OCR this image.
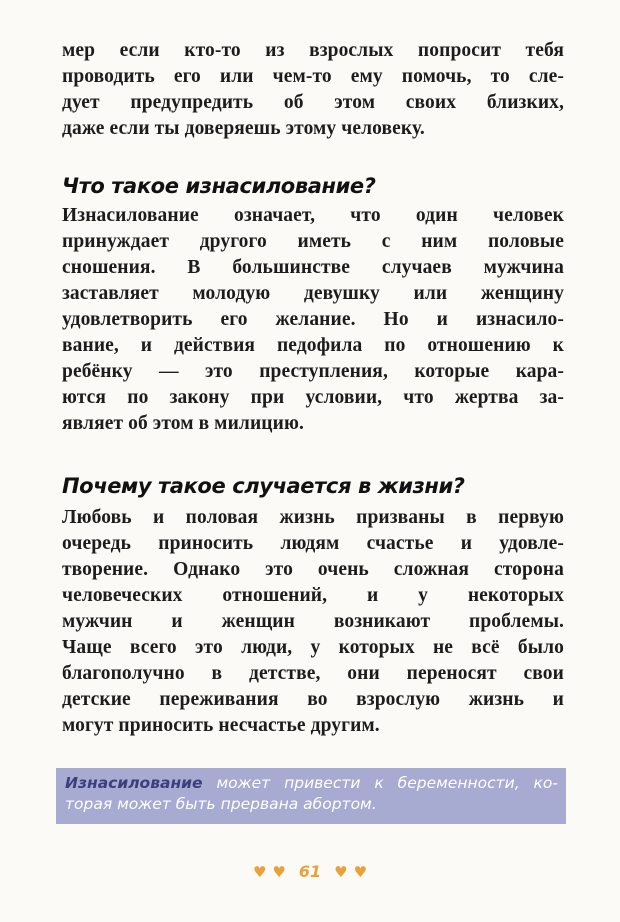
мер если кто-то из взрослых попросит тебя
проводить его или чем-то ему помочь, то сле-
дует предупредить об этом своих близких,
даже если ты доверяешь этому человеку.
Что такое изнасилование?
Изнасилование означает, что один человек
принуждает другого иметь с ним половые
сношения. В большинстве случаев мужчина
заставляет молодую девушку или женщину
удовлетворить его желание. Но и изнасило-
вание, и действия педофила по отношению к
ребёнку — это преступления, которые кара-
ются по закону при условии, что жертва за-
являет об этом в милицию.
Почему такое случается в жизни?
Любовь и половая жизнь призваны в первую
очередь приносить людям счастье и удовле-
творение. Однако это очень сложная сторона
человеческих отношений, и у некоторых
мужчин и женщин возникают проблемы.
Чаще всего это люди, у которых не всё было
благополучно в детстве, они переносят свои
детские переживания во взрослую жизнь и
могут приносить несчастье другим.
Изнасилование может привести к беременности, ко-
торая может быть прервана абортом.
♥ ♥ 61 ♥ ♥
